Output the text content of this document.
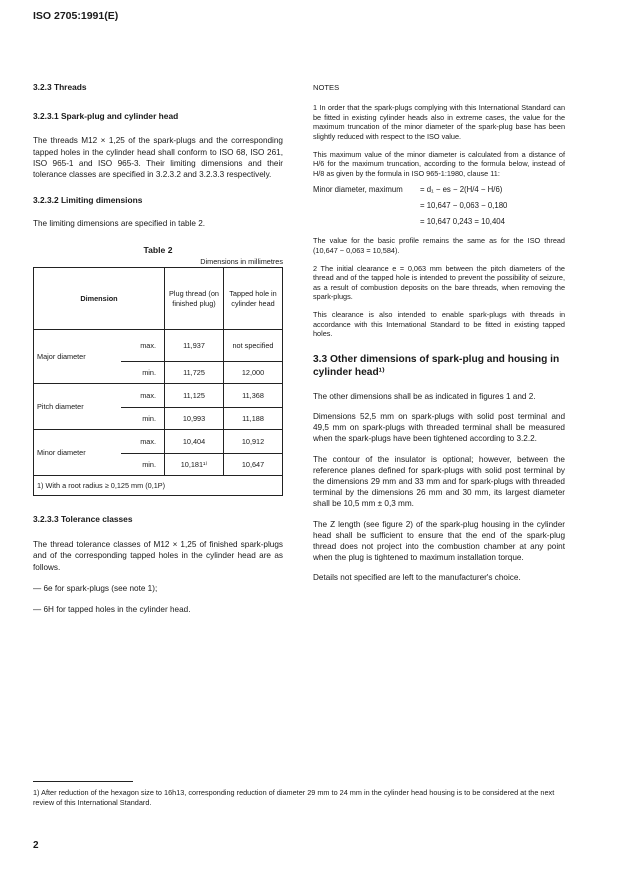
ISO 2705:1991(E)
3.2.3 Threads
3.2.3.1 Spark-plug and cylinder head

The threads M12 × 1,25 of the spark-plugs and the corresponding tapped holes in the cylinder head shall conform to ISO 68, ISO 261, ISO 965-1 and ISO 965-3. Their limiting dimensions and their tolerance classes are specified in 3.2.3.2 and 3.2.3.3 respectively.

3.2.3.2 Limiting dimensions

The limiting dimensions are specified in table 2.

Table 2
Dimensions in millimetres
Dimension		Plug thread (on finished plug)	Tapped hole in cylinder head
Major diameter	max.	11,937	not specified
	min.	11,725	12,000
Pitch diameter	max.	11,125	11,368
	min.	10,993	11,188
Minor diameter	max.	10,404	10,912
	min.	10,181¹⁾	10,647
1) With a root radius ≥ 0,125 mm (0,1P)			
3.2.3.3 Tolerance classes

The thread tolerance classes of M12 × 1,25 of finished spark-plugs and of the corresponding tapped holes in the cylinder head are as follows.

— 6e for spark-plugs (see note 1);
— 6H for tapped holes in the cylinder head.
NOTES

1 In order that the spark-plugs complying with this International Standard can be fitted in existing cylinder heads also in extreme cases, the value for the maximum truncation of the minor diameter of the spark-plug base has been slightly reduced with respect to the ISO value.

This maximum value of the minor diameter is calculated from a distance of H/6 for the maximum truncation, according to the formula below, instead of H/8 as given by the formula in ISO 965-1:1980, clause 11:

Minor diameter, maximum	= d₁ − es − 2(H/4 − H/6)
= 10,647 − 0,063 − 0,180
= 10,647 0,243 = 10,404

The value for the basic profile remains the same as for the ISO thread (10,647 − 0,063 = 10,584).

2 The initial clearance e = 0,063 mm between the pitch diameters of the thread and of the tapped hole is intended to prevent the possibility of seizure, as a result of combustion deposits on the bare threads, when removing the spark-plugs.

This clearance is also intended to enable spark-plugs with threads in accordance with this International Standard to be fitted in existing tapped holes.

3.3 Other dimensions of spark-plug and housing in cylinder head¹⁾

The other dimensions shall be as indicated in figures 1 and 2.

Dimensions 52,5 mm on spark-plugs with solid post terminal and 49,5 mm on spark-plugs with threaded terminal shall be measured when the spark-plugs have been tightened according to 3.2.2.

The contour of the insulator is optional; however, between the reference planes defined for spark-plugs with solid post terminal by the dimensions 29 mm and 33 mm and for spark-plugs with threaded terminal by the dimensions 26 mm and 30 mm, its largest diameter shall be 10,5 mm ± 0,3 mm.

The Z length (see figure 2) of the spark-plug housing in the cylinder head shall be sufficient to ensure that the end of the spark-plug thread does not project into the combustion chamber at any point when the plug is tightened to maximum installation torque.

Details not specified are left to the manufacturer's choice.

1) After reduction of the hexagon size to 16h13, corresponding reduction of diameter 29 mm to 24 mm in the cylinder head housing is to be considered at the next review of this International Standard.
2
